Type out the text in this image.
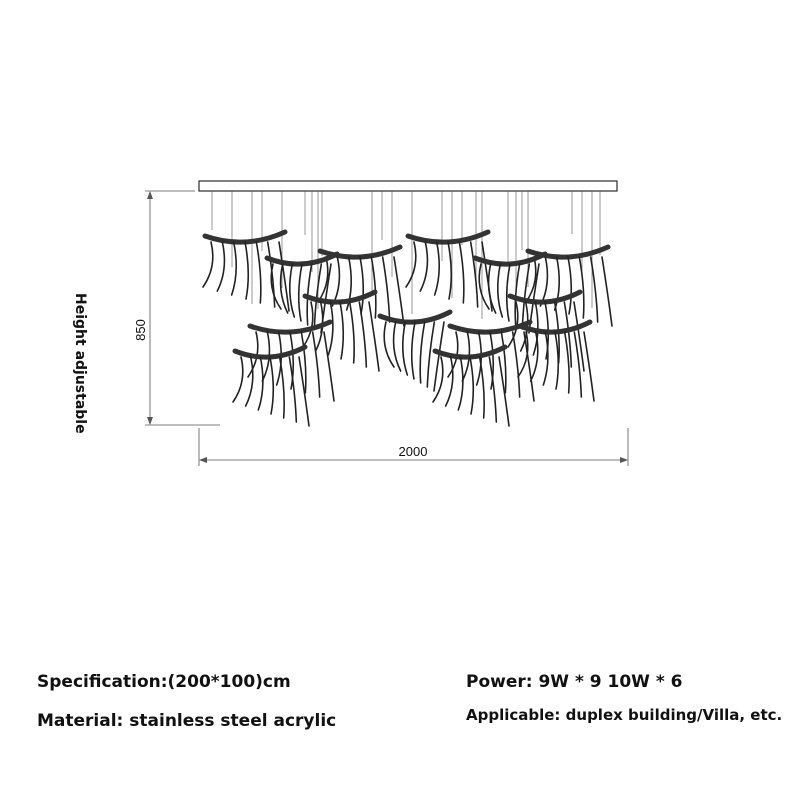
850
2000
Height adjustable
Specification:(200*100)cm
Material: stainless steel acrylic
Power: 9W * 9 10W * 6
Applicable: duplex building/Villa, etc.
